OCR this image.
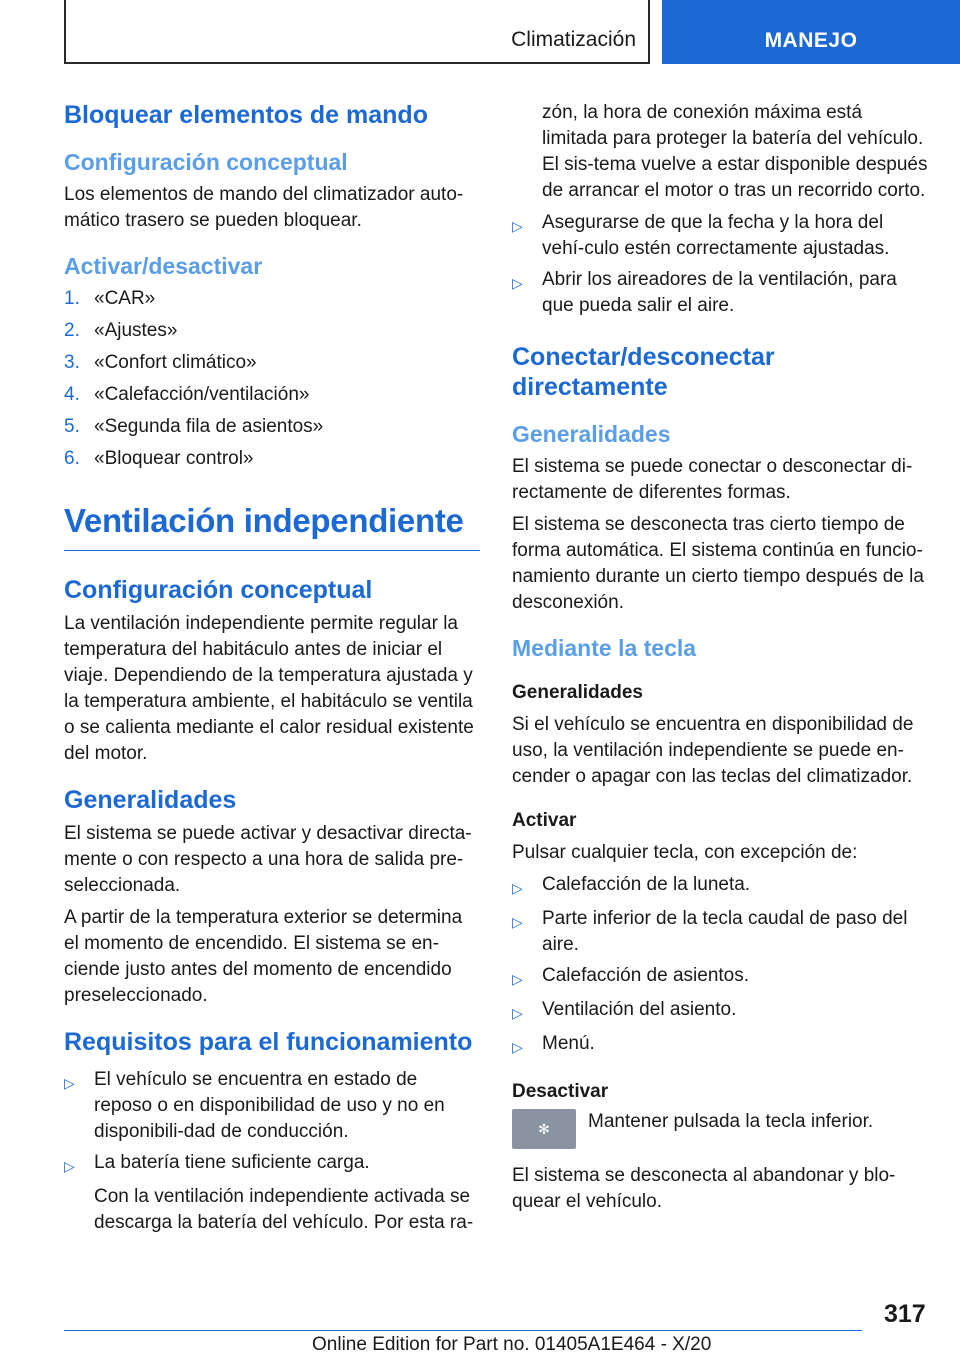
Climatización	MANEJO
Bloquear elementos de mando
Configuración conceptual

Los elementos de mando del climatizador auto-mático trasero se pueden bloquear.

Activar/desactivar
1. «CAR»
2. «Ajustes»
3. «Confort climático»
4. «Calefacción/ventilación»
5. «Segunda fila de asientos»
6. «Bloquear control»
Ventilación independiente
Configuración conceptual

La ventilación independiente permite regular la temperatura del habitáculo antes de iniciar el viaje. Dependiendo de la temperatura ajustada y la temperatura ambiente, el habitáculo se ventila o se calienta mediante el calor residual existente del motor.

Generalidades

El sistema se puede activar y desactivar directa-mente o con respecto a una hora de salida pre-seleccionada.

A partir de la temperatura exterior se determina el momento de encendido. El sistema se en-ciende justo antes del momento de encendido preseleccionado.

Requisitos para el funcionamiento
▷	El vehículo se encuentra en estado de reposo o en disponibilidad de uso y no en disponibili-dad de conducción.
▷	La batería tiene suficiente carga.

Con la ventilación independiente activada se descarga la batería del vehículo. Por esta ra-

zón, la hora de conexión máxima está limitada para proteger la batería del vehículo. El sis-tema vuelve a estar disponible después de arrancar el motor o tras un recorrido corto.

▷	Asegurarse de que la fecha y la hora del vehí-culo estén correctamente ajustadas.
▷	Abrir los aireadores de la ventilación, para que pueda salir el aire.
Conectar/desconectar directamente
Generalidades

El sistema se puede conectar o desconectar di-rectamente de diferentes formas.

El sistema se desconecta tras cierto tiempo de forma automática. El sistema continúa en funcio-namiento durante un cierto tiempo después de la desconexión.

Mediante la tecla
Generalidades

Si el vehículo se encuentra en disponibilidad de uso, la ventilación independiente se puede en-cender o apagar con las teclas del climatizador.

Activar

Pulsar cualquier tecla, con excepción de:

▷	Calefacción de la luneta.
▷	Parte inferior de la tecla caudal de paso del aire.
▷	Calefacción de asientos.
▷	Ventilación del asiento.
▷	Menú.
Desactivar
✻	Mantener pulsada la tecla inferior.

El sistema se desconecta al abandonar y blo-quear el vehículo.

317
Online Edition for Part no. 01405A1E464 - X/20
